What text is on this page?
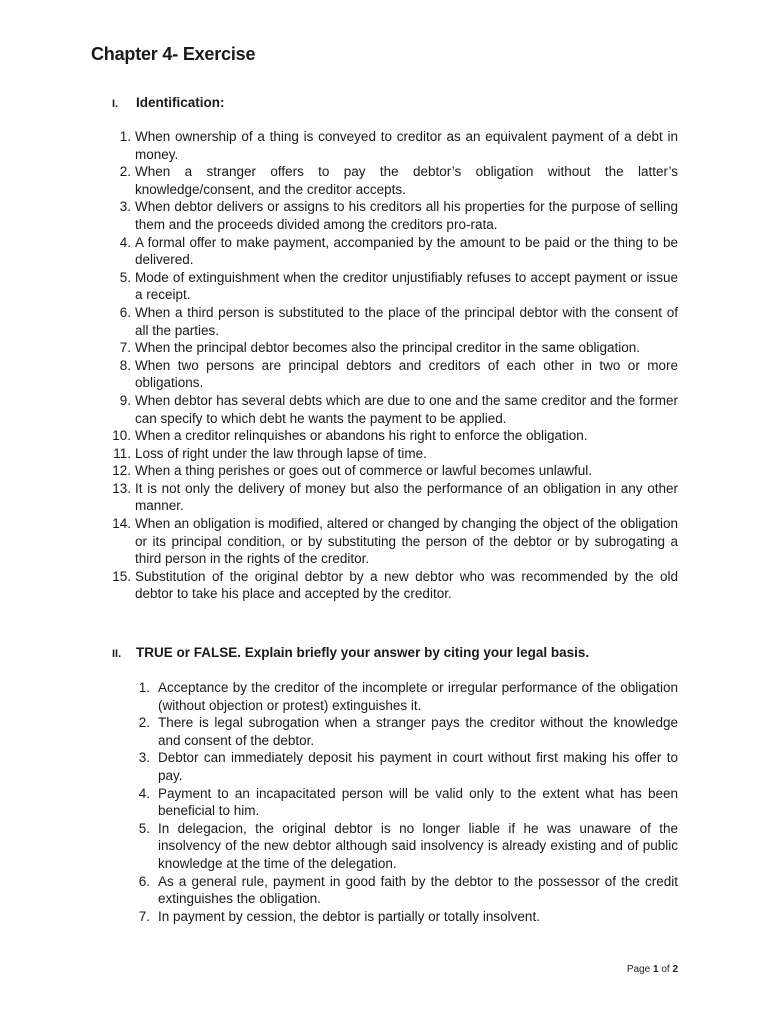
Chapter 4- Exercise
I.	Identification:
1. When ownership of a thing is conveyed to creditor as an equivalent payment of a debt in money.
2. When a stranger offers to pay the debtor’s obligation without the latter’s knowledge/consent, and the creditor accepts.
3. When debtor delivers or assigns to his creditors all his properties for the purpose of selling them and the proceeds divided among the creditors pro-rata.
4. A formal offer to make payment, accompanied by the amount to be paid or the thing to be delivered.
5. Mode of extinguishment when the creditor unjustifiably refuses to accept payment or issue a receipt.
6. When a third person is substituted to the place of the principal debtor with the consent of all the parties.
7. When the principal debtor becomes also the principal creditor in the same obligation.
8. When two persons are principal debtors and creditors of each other in two or more obligations.
9. When debtor has several debts which are due to one and the same creditor and the former can specify to which debt he wants the payment to be applied.
10. When a creditor relinquishes or abandons his right to enforce the obligation.
11. Loss of right under the law through lapse of time.
12. When a thing perishes or goes out of commerce or lawful becomes unlawful.
13. It is not only the delivery of money but also the performance of an obligation in any other manner.
14. When an obligation is modified, altered or changed by changing the object of the obligation or its principal condition, or by substituting the person of the debtor or by subrogating a third person in the rights of the creditor.
15. Substitution of the original debtor by a new debtor who was recommended by the old debtor to take his place and accepted by the creditor.
II.	TRUE or FALSE. Explain briefly your answer by citing your legal basis.
1. Acceptance by the creditor of the incomplete or irregular performance of the obligation (without objection or protest) extinguishes it.
2. There is legal subrogation when a stranger pays the creditor without the knowledge and consent of the debtor.
3. Debtor can immediately deposit his payment in court without first making his offer to pay.
4. Payment to an incapacitated person will be valid only to the extent what has been beneficial to him.
5. In delegacion, the original debtor is no longer liable if he was unaware of the insolvency of the new debtor although said insolvency is already existing and of public knowledge at the time of the delegation.
6. As a general rule, payment in good faith by the debtor to the possessor of the credit extinguishes the obligation.
7. In payment by cession, the debtor is partially or totally insolvent.
Page 1 of 2
